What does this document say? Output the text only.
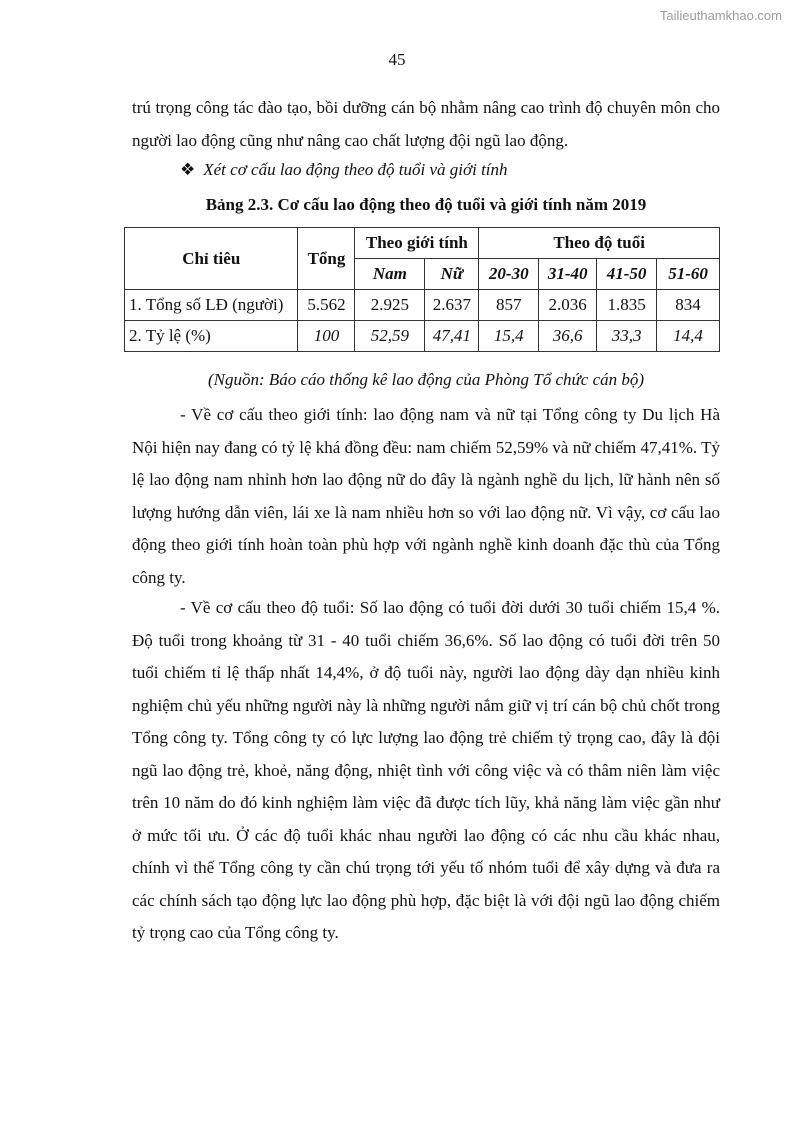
Tailieuthamkhao.com
45

trú trọng công tác đào tạo, bồi dưỡng cán bộ nhằm nâng cao trình độ chuyên môn cho người lao động cũng như nâng cao chất lượng đội ngũ lao động.

❖ Xét cơ cấu lao động theo độ tuổi và giới tính
Bảng 2.3. Cơ cấu lao động theo độ tuổi và giới tính năm 2019
Chỉ tiêu	Tổng	Theo giới tính		Theo độ tuổi			
		Nam	Nữ	20-30	31-40	41-50	51-60
1. Tổng số LĐ (người)	5.562	2.925	2.637	857	2.036	1.835	834
2. Tỷ lệ (%)	100	52,59	47,41	15,4	36,6	33,3	14,4
(Nguồn: Báo cáo thống kê lao động của Phòng Tổ chức cán bộ)

- Về cơ cấu theo giới tính: lao động nam và nữ tại Tổng công ty Du lịch Hà Nội hiện nay đang có tỷ lệ khá đồng đều: nam chiếm 52,59% và nữ chiếm 47,41%. Tỷ lệ lao động nam nhỉnh hơn lao động nữ do đây là ngành nghề du lịch, lữ hành nên số lượng hướng dẫn viên, lái xe là nam nhiều hơn so với lao động nữ. Vì vậy, cơ cấu lao động theo giới tính hoàn toàn phù hợp với ngành nghề kinh doanh đặc thù của Tổng công ty.

- Về cơ cấu theo độ tuổi: Số lao động có tuổi đời dưới 30 tuổi chiếm 15,4 %. Độ tuổi trong khoảng từ 31 - 40 tuổi chiếm 36,6%. Số lao động có tuổi đời trên 50 tuổi chiếm tỉ lệ thấp nhất 14,4%, ở độ tuổi này, người lao động dày dạn nhiều kinh nghiệm chủ yếu những người này là những người nắm giữ vị trí cán bộ chủ chốt trong Tổng công ty. Tổng công ty có lực lượng lao động trẻ chiếm tỷ trọng cao, đây là đội ngũ lao động trẻ, khoẻ, năng động, nhiệt tình với công việc và có thâm niên làm việc trên 10 năm do đó kinh nghiệm làm việc đã được tích lũy, khả năng làm việc gần như ở mức tối ưu. Ở các độ tuổi khác nhau người lao động có các nhu cầu khác nhau, chính vì thế Tổng công ty cần chú trọng tới yếu tố nhóm tuổi để xây dựng và đưa ra các chính sách tạo động lực lao động phù hợp, đặc biệt là với đội ngũ lao động chiếm tỷ trọng cao của Tổng công ty.
